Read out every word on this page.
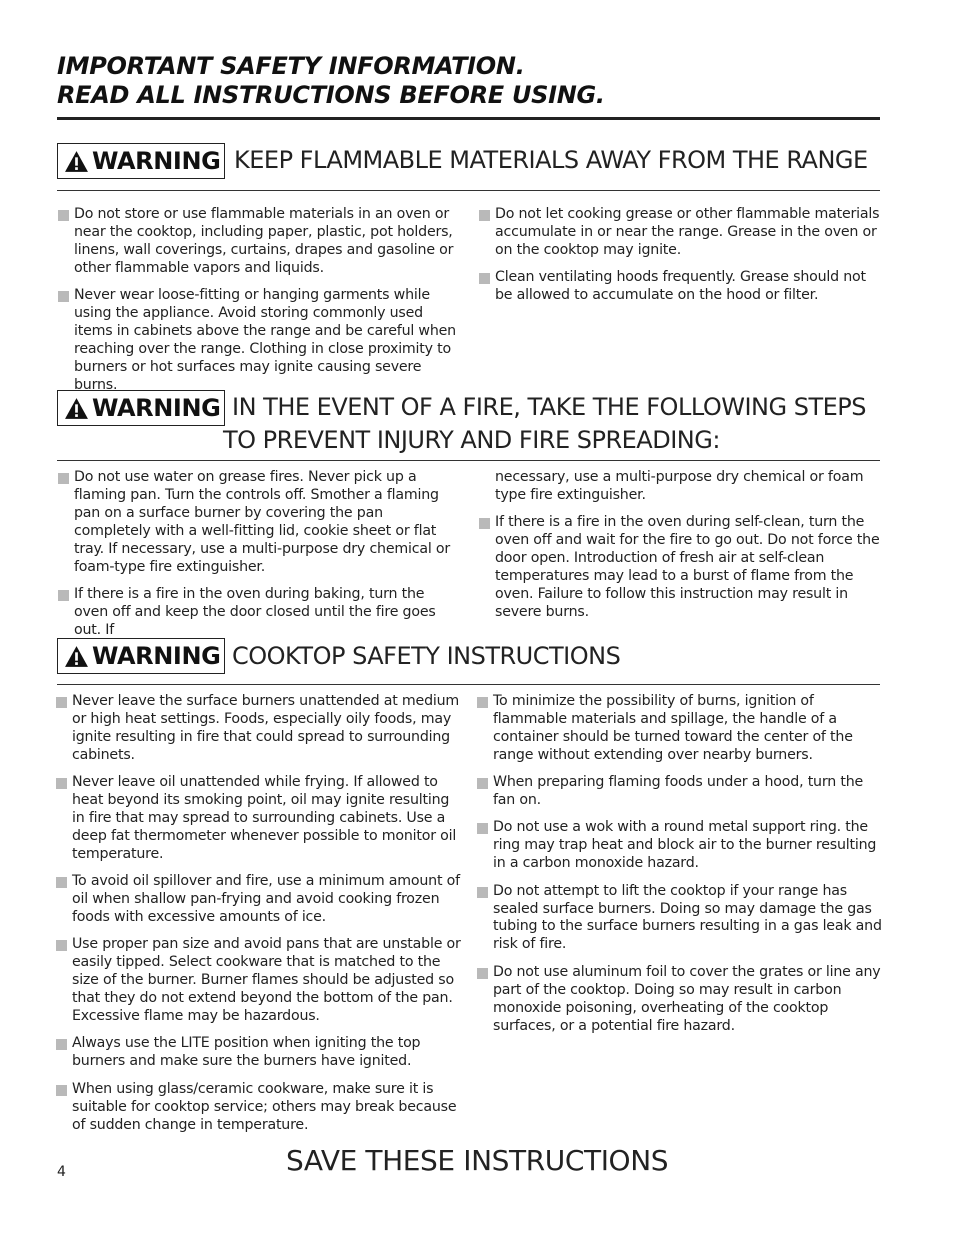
IMPORTANT SAFETY INFORMATION.
READ ALL INSTRUCTIONS BEFORE USING.
WARNING KEEP FLAMMABLE MATERIALS AWAY FROM THE RANGE
Do not store or use flammable materials in an oven or near the cooktop, including paper, plastic, pot holders, linens, wall coverings, curtains, drapes and gasoline or other flammable vapors and liquids.
Never wear loose-fitting or hanging garments while using the appliance. Avoid storing commonly used items in cabinets above the range and be careful when reaching over the range. Clothing in close proximity to burners or hot surfaces may ignite causing severe burns.
Do not let cooking grease or other flammable materials accumulate in or near the range. Grease in the oven or on the cooktop may ignite.
Clean ventilating hoods frequently. Grease should not be allowed to accumulate on the hood or filter.
WARNING IN THE EVENT OF A FIRE, TAKE THE FOLLOWING STEPS
TO PREVENT INJURY AND FIRE SPREADING:
Do not use water on grease fires. Never pick up a flaming pan. Turn the controls off. Smother a flaming pan on a surface burner by covering the pan completely with a well-fitting lid, cookie sheet or flat tray. If necessary, use a multi-purpose dry chemical or foam-type fire extinguisher.
If there is a fire in the oven during baking, turn the oven off and keep the door closed until the fire goes out. If
necessary, use a multi-purpose dry chemical or foam type fire extinguisher.
If there is a fire in the oven during self-clean, turn the oven off and wait for the fire to go out. Do not force the door open. Introduction of fresh air at self-clean temperatures may lead to a burst of flame from the oven. Failure to follow this instruction may result in severe burns.
WARNING COOKTOP SAFETY INSTRUCTIONS
Never leave the surface burners unattended at medium or high heat settings. Foods, especially oily foods, may ignite resulting in fire that could spread to surrounding cabinets.
Never leave oil unattended while frying. If allowed to heat beyond its smoking point, oil may ignite resulting in fire that may spread to surrounding cabinets. Use a deep fat thermometer whenever possible to monitor oil temperature.
To avoid oil spillover and fire, use a minimum amount of oil when shallow pan-frying and avoid cooking frozen foods with excessive amounts of ice.
Use proper pan size and avoid pans that are unstable or easily tipped. Select cookware that is matched to the size of the burner. Burner flames should be adjusted so that they do not extend beyond the bottom of the pan. Excessive flame may be hazardous.
Always use the LITE position when igniting the top burners and make sure the burners have ignited.
When using glass/ceramic cookware, make sure it is suitable for cooktop service; others may break because of sudden change in temperature.
To minimize the possibility of burns, ignition of flammable materials and spillage, the handle of a container should be turned toward the center of the range without extending over nearby burners.
When preparing flaming foods under a hood, turn the fan on.
Do not use a wok with a round metal support ring. the ring may trap heat and block air to the burner resulting in a carbon monoxide hazard.
Do not attempt to lift the cooktop if your range has sealed surface burners. Doing so may damage the gas tubing to the surface burners resulting in a gas leak and risk of fire.
Do not use aluminum foil to cover the grates or line any part of the cooktop. Doing so may result in carbon monoxide poisoning, overheating of the cooktop surfaces, or a potential fire hazard.
4	SAVE THESE INSTRUCTIONS
